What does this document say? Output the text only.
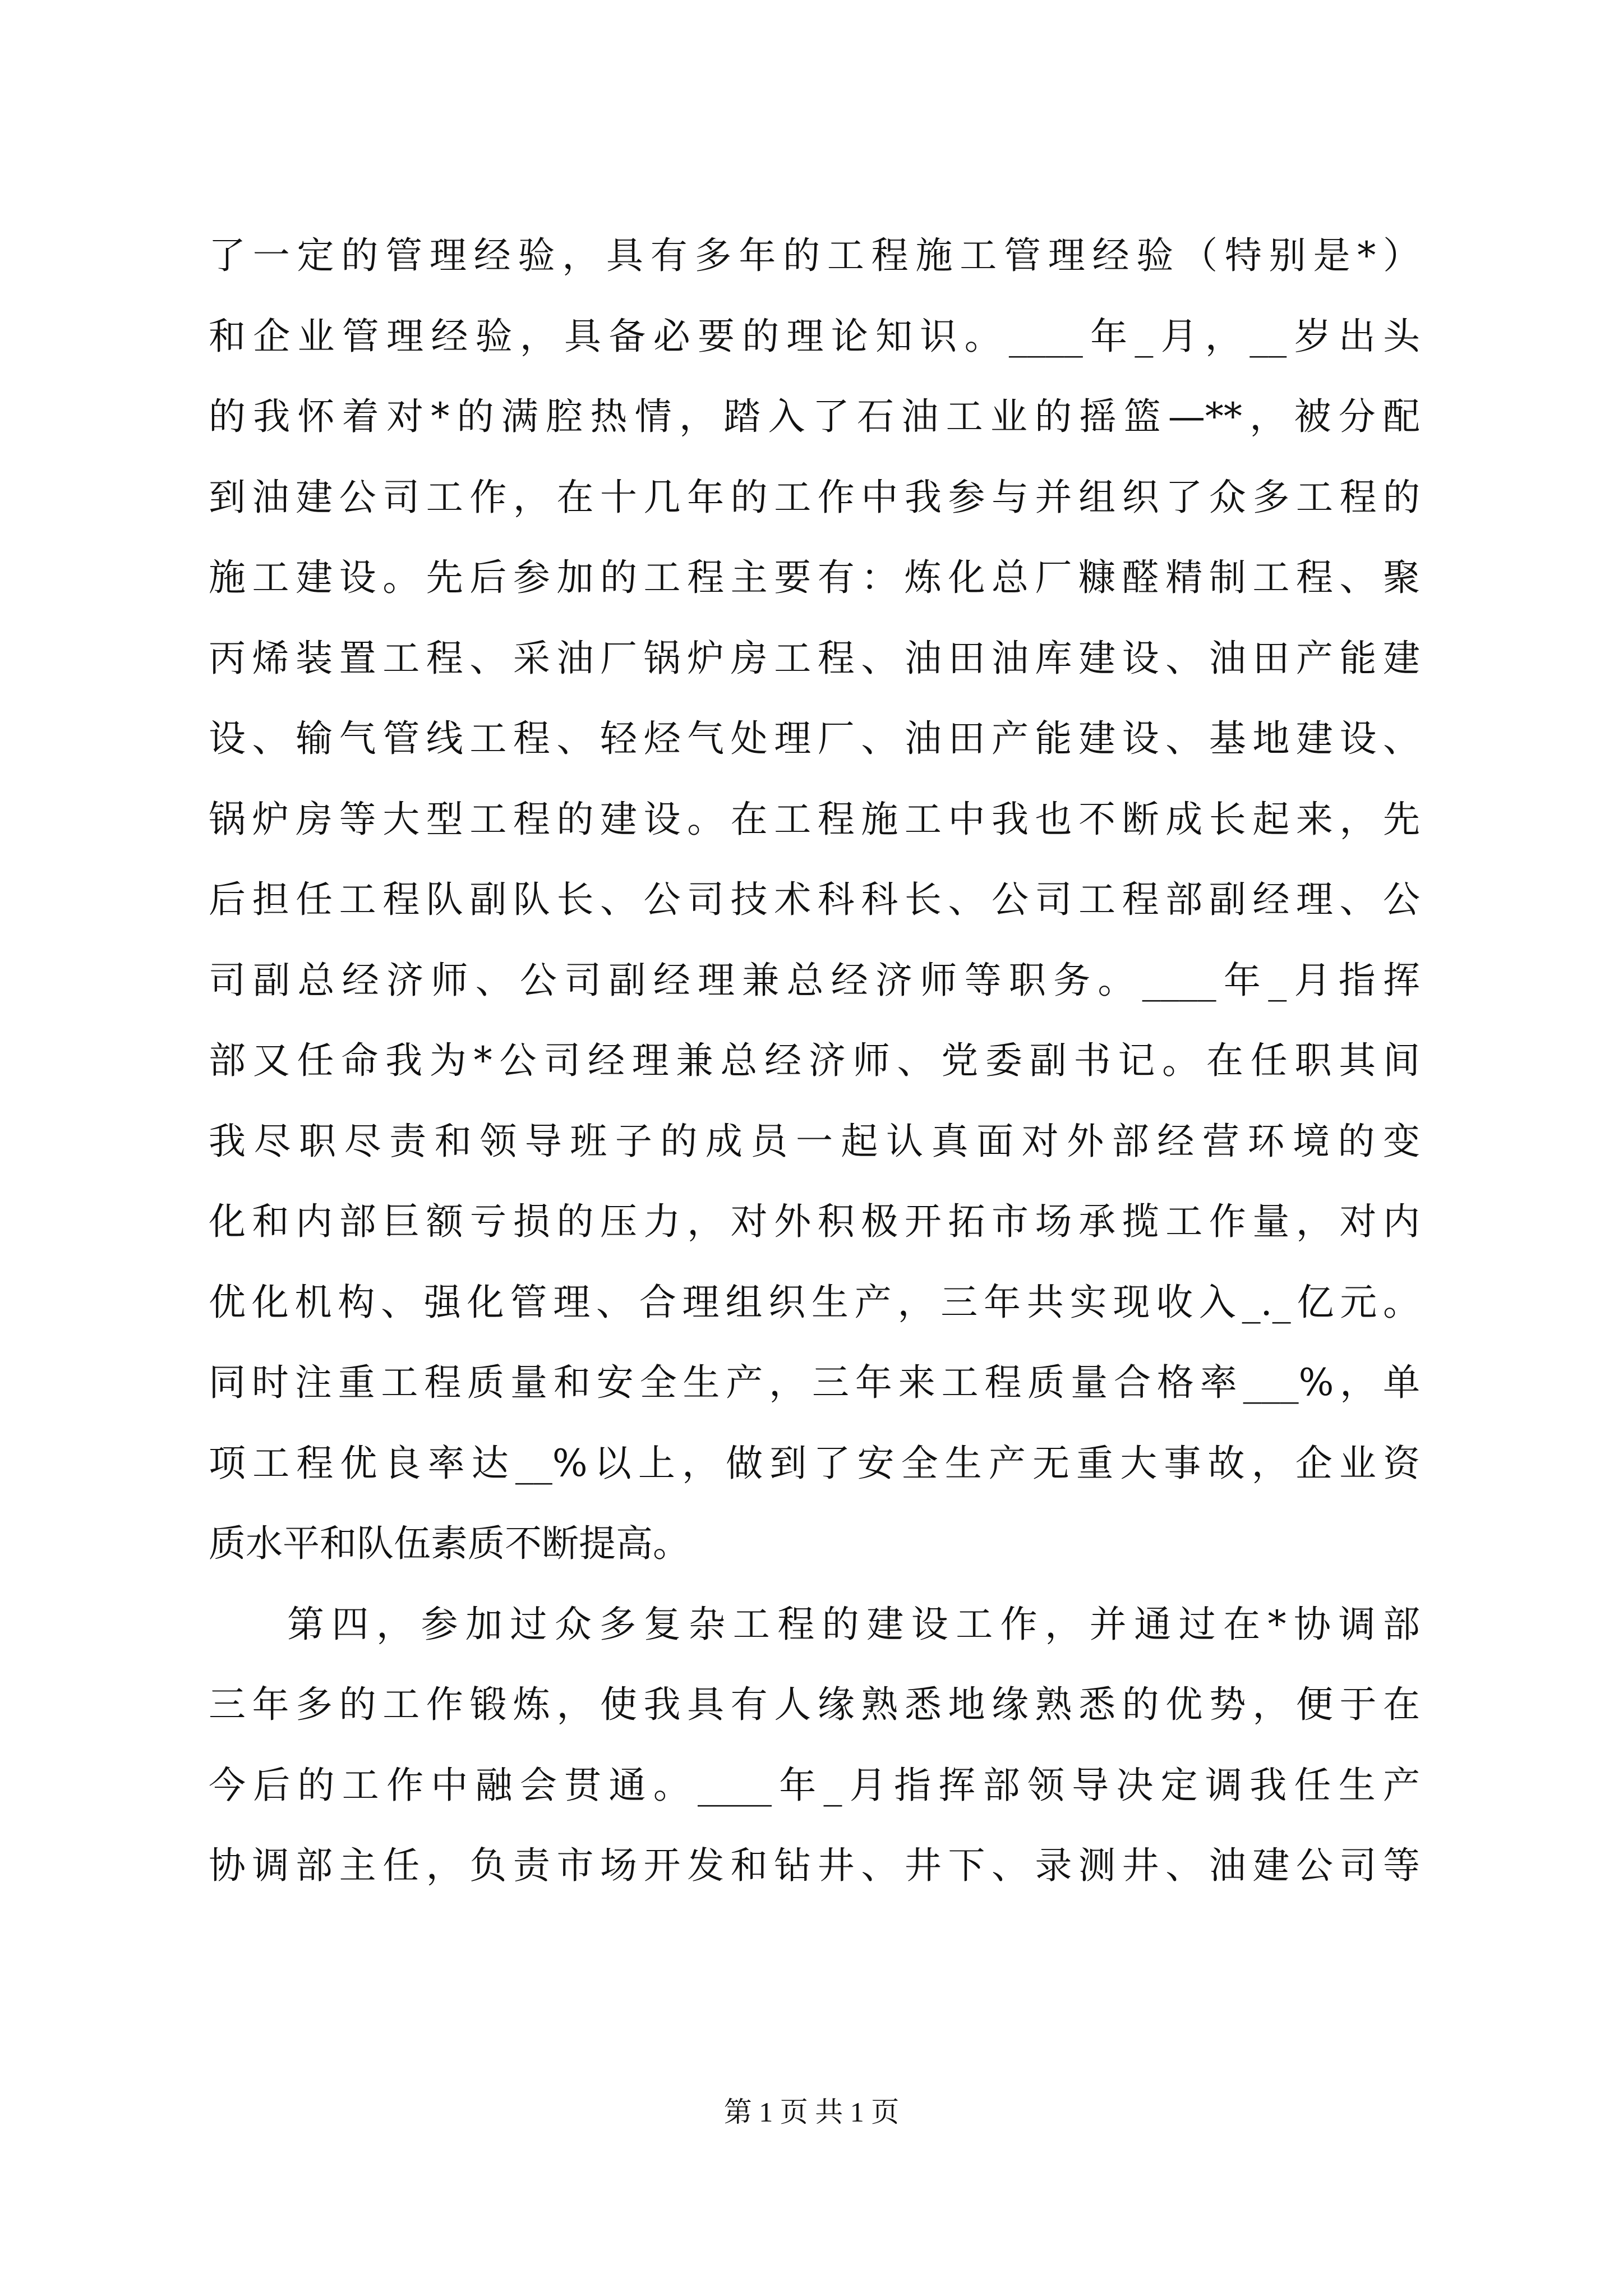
了一定的管理经验，具有多年的工程施工管理经验（特别是*）
和企业管理经验，具备必要的理论知识。____年_月，__岁出头
的我怀着对*的满腔热情，踏入了石油工业的摇篮—**，被分配
到油建公司工作，在十几年的工作中我参与并组织了众多工程的
施工建设。先后参加的工程主要有：炼化总厂糠醛精制工程、聚
丙烯装置工程、采油厂锅炉房工程、油田油库建设、油田产能建
设、输气管线工程、轻烃气处理厂、油田产能建设、基地建设、
锅炉房等大型工程的建设。在工程施工中我也不断成长起来，先
后担任工程队副队长、公司技术科科长、公司工程部副经理、公
司副总经济师、公司副经理兼总经济师等职务。____年_月指挥
部又任命我为*公司经理兼总经济师、党委副书记。在任职其间
我尽职尽责和领导班子的成员一起认真面对外部经营环境的变
化和内部巨额亏损的压力，对外积极开拓市场承揽工作量，对内
优化机构、强化管理、合理组织生产，三年共实现收入_._亿元。
同时注重工程质量和安全生产，三年来工程质量合格率___%，单
项工程优良率达__%以上，做到了安全生产无重大事故，企业资
质水平和队伍素质不断提高。
第四，参加过众多复杂工程的建设工作，并通过在*协调部
三年多的工作锻炼，使我具有人缘熟悉地缘熟悉的优势，便于在
今后的工作中融会贯通。____年_月指挥部领导决定调我任生产
协调部主任，负责市场开发和钻井、井下、录测井、油建公司等
第 1 页 共 1 页
